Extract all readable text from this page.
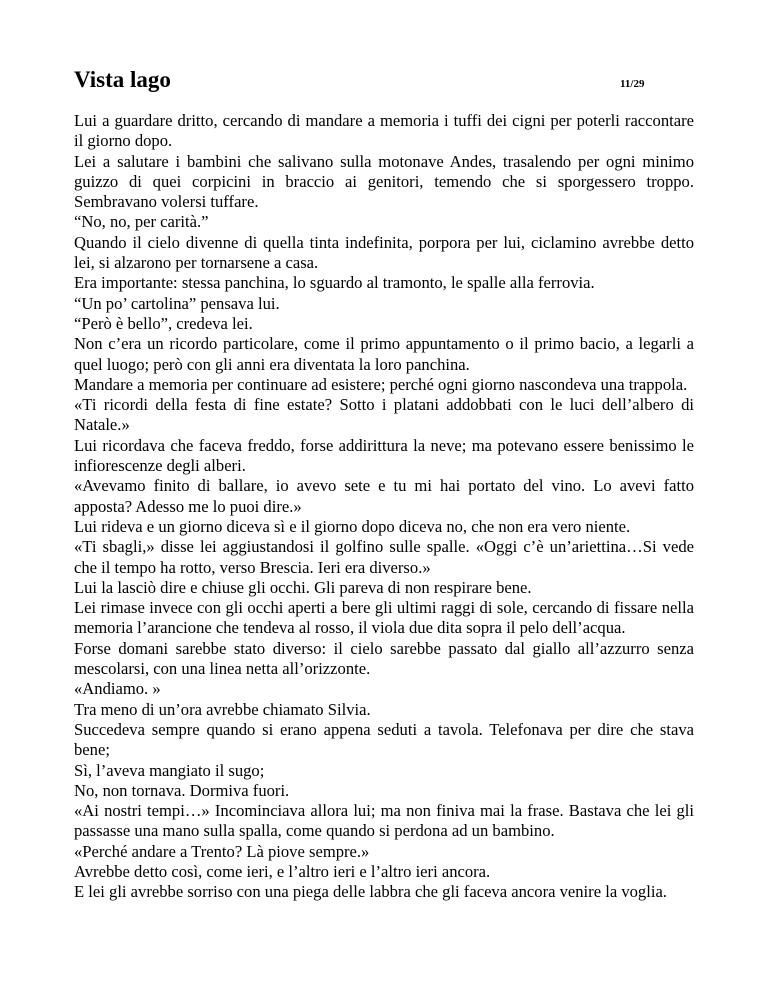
Vista lago	11/29

Lui a guardare dritto, cercando di mandare a memoria i tuffi dei cigni per poterli raccontare il giorno dopo.

Lei a salutare i bambini che salivano sulla motonave Andes, trasalendo per ogni minimo guizzo di quei corpicini in braccio ai genitori, temendo che si sporgessero troppo. Sembravano volersi tuffare.

“No, no, per carità.”

Quando il cielo divenne di quella tinta indefinita, porpora per lui, ciclamino avrebbe detto lei, si alzarono per tornarsene a casa.

Era importante: stessa panchina, lo sguardo al tramonto, le spalle alla ferrovia.

“Un po’ cartolina” pensava lui.

“Però è bello”, credeva lei.

Non c’era un ricordo particolare, come il primo appuntamento o il primo bacio, a legarli a quel luogo; però con gli anni era diventata la loro panchina.

Mandare a memoria per continuare ad esistere; perché ogni giorno nascondeva una trappola.

«Ti ricordi della festa di fine estate? Sotto i platani addobbati con le luci dell’albero di Natale.»

Lui ricordava che faceva freddo, forse addirittura la neve; ma potevano essere benissimo le infiorescenze degli alberi.

«Avevamo finito di ballare, io avevo sete e tu mi hai portato del vino. Lo avevi fatto apposta? Adesso me lo puoi dire.»

Lui rideva e un giorno diceva sì e il giorno dopo diceva no, che non era vero niente.

«Ti sbagli,» disse lei aggiustandosi il golfino sulle spalle. «Oggi c’è un’ariettina…Si vede che il tempo ha rotto, verso Brescia. Ieri era diverso.»

Lui la lasciò dire e chiuse gli occhi. Gli pareva di non respirare bene.

Lei rimase invece con gli occhi aperti a bere gli ultimi raggi di sole, cercando di fissare nella memoria l’arancione che tendeva al rosso, il viola due dita sopra il pelo dell’acqua.

Forse domani sarebbe stato diverso: il cielo sarebbe passato dal giallo all’azzurro senza mescolarsi, con una linea netta all’orizzonte.

«Andiamo. »

Tra meno di un’ora avrebbe chiamato Silvia.

Succedeva sempre quando si erano appena seduti a tavola. Telefonava per dire che stava bene;

Sì, l’aveva mangiato il sugo;

No, non tornava. Dormiva fuori.

«Ai nostri tempi…» Incominciava allora lui; ma non finiva mai la frase. Bastava che lei gli passasse una mano sulla spalla, come quando si perdona ad un bambino.

«Perché andare a Trento? Là piove sempre.»

Avrebbe detto così, come ieri, e l’altro ieri e l’altro ieri ancora.

E lei gli avrebbe sorriso con una piega delle labbra che gli faceva ancora venire la voglia.
